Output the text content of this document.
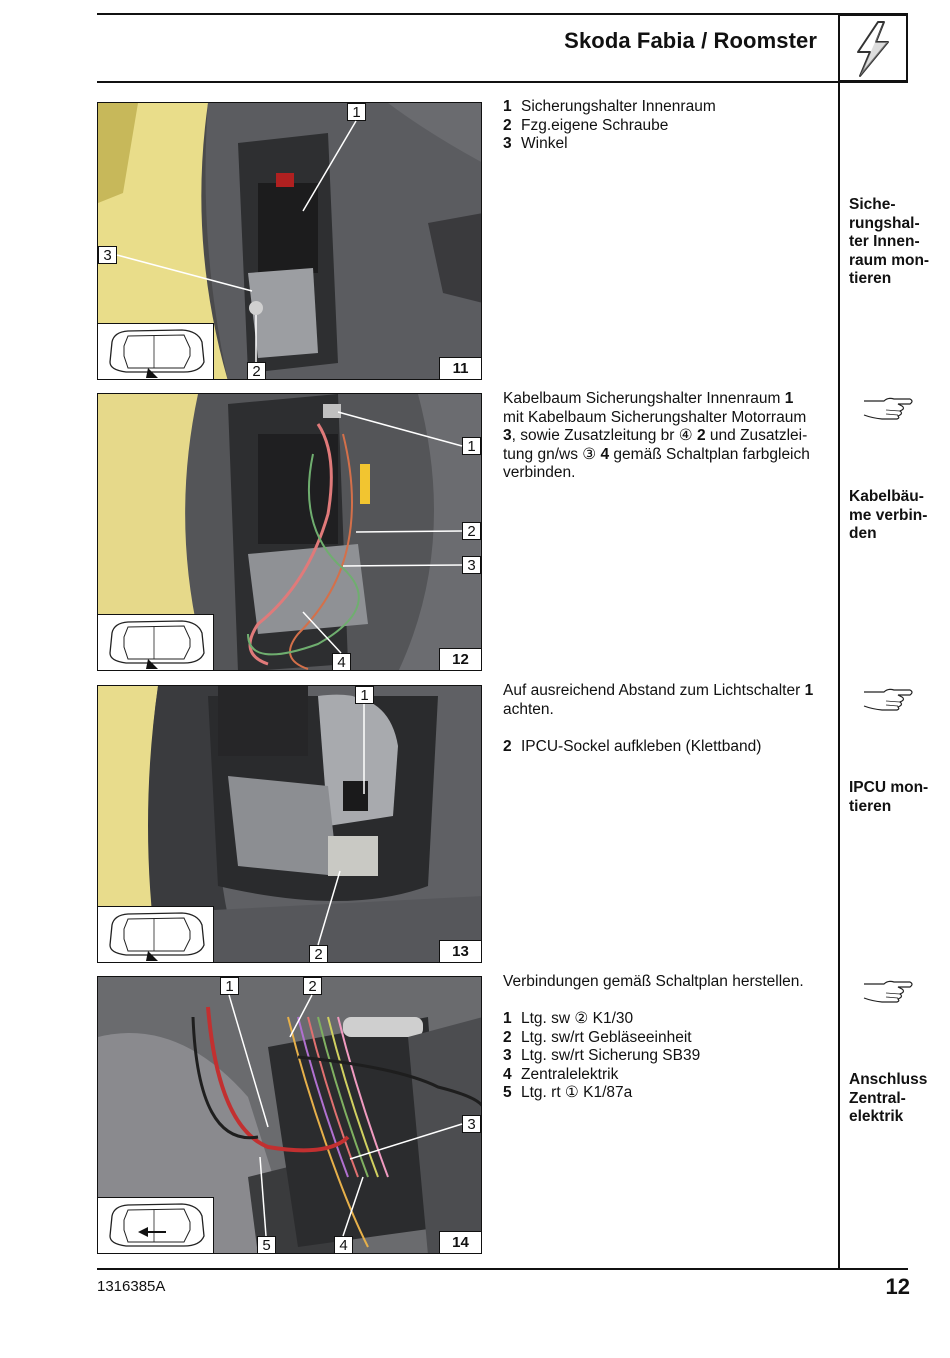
Skoda Fabia / Roomster
1
3
2	11
1 Sicherungshalter Innenraum
2 Fzg.eigene Schraube
3 Winkel
Siche-
rungshal-
ter Innen-
raum mon-
tieren
1
2
3
4	12
Kabelbaum Sicherungshalter Innenraum 1
mit Kabelbaum Sicherungshalter Motorraum
3, sowie Zusatzleitung br ④ 2 und Zusatzlei-
tung gn/ws ③ 4 gemäß Schaltplan farbgleich
verbinden.
Kabelbäu-
me verbin-
den
1
2	13
Auf ausreichend Abstand zum Lichtschalter 1
achten.

2 IPCU-Sockel aufkleben (Klettband)
IPCU mon-
tieren
1	2
3
4
5	14
Verbindungen gemäß Schaltplan herstellen.

1 Ltg. sw ② K1/30
2 Ltg. sw/rt Gebläseeinheit
3 Ltg. sw/rt Sicherung SB39
4 Zentralelektrik
5 Ltg. rt ① K1/87a
Anschluss
Zentral-
elektrik
1316385A	12
